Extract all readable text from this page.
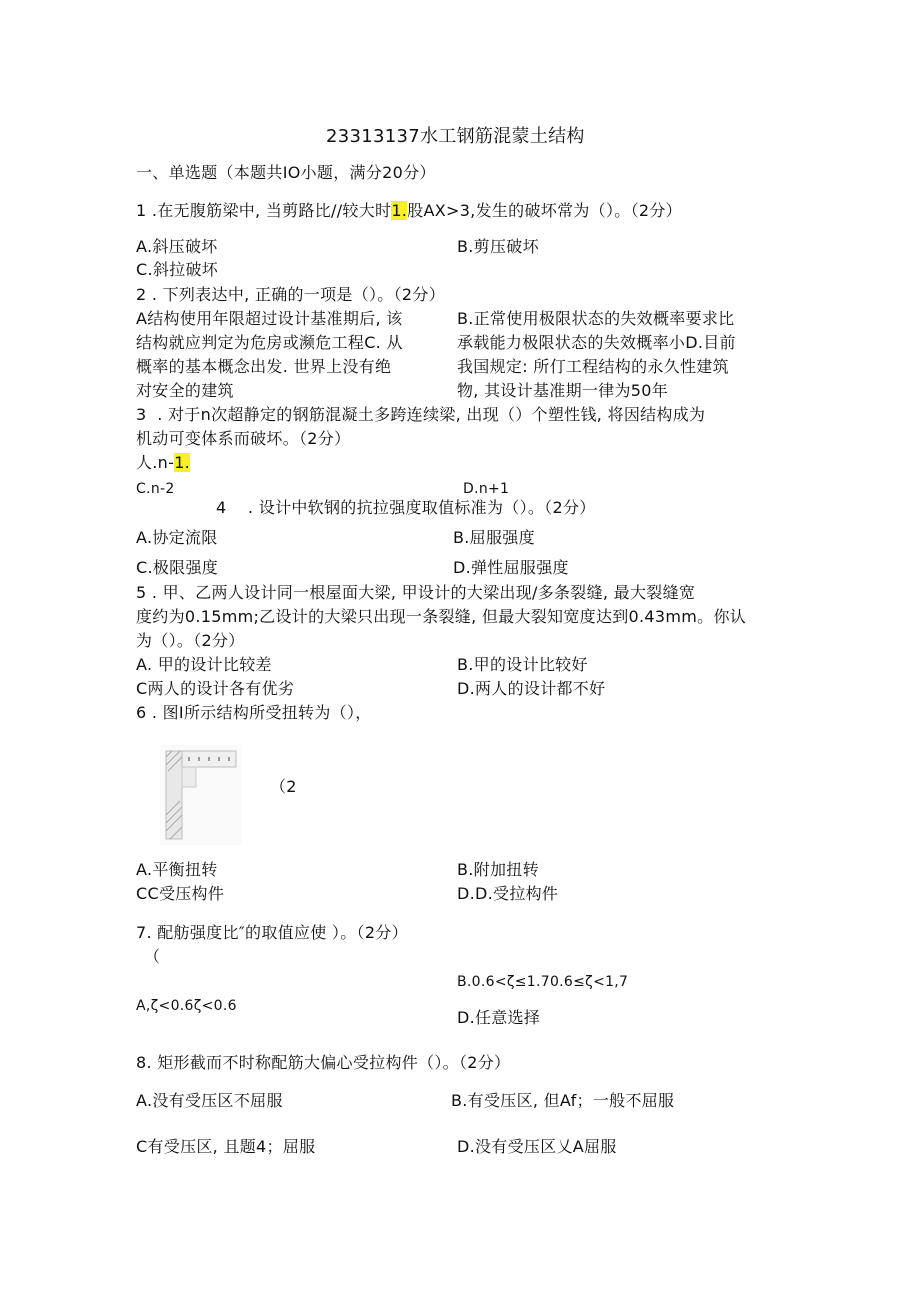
23313137水工钢筋混蒙土结构
一、单选题（本题共IO小题，满分20分）
1 .在无腹筋梁中, 当剪路比//较大时1.股AX>3,发生的破坏常为（）。（2分）
A.斜压破坏	B.剪压破坏
C.斜拉破坏
2 . 下列表达中, 正确的一项是（）。（2分）
A结构使用年限超过设计基准期后, 该
结构就应判定为危房或濒危工程C. 从
概率的基本概念出发. 世界上没有绝
对安全的建筑
B.正常使用极限状态的失效概率要求比
承载能力极限状态的失效概率小D.目前
我国规定: 所仃工程结构的永久性建筑
物, 其设计基准期一律为50年
3 . 对于n次超静定的钢筋混凝土多跨连续梁, 出现（）个塑性钱, 将因结构成为
机动可变体系而破坏。（2分）
人.n-1.
C.n-2	D.n+1
4 . 设计中软钢的抗拉强度取值标准为（）。（2分）
A.协定流限	B.屈服强度
C.极限强度	D.弹性屈服强度
5 . 甲、乙两人设计同一根屋面大梁, 甲设计的大梁出现/多条裂缝, 最大裂缝宽
度约为0.15mm;乙设计的大梁只出现一条裂缝, 但最大裂知宽度达到0.43mm。你认
为（）。（2分）
A. 甲的设计比较差	B.甲的设计比较好
C两人的设计各有优劣	D.两人的设计都不好
6 . 图I所示结构所受扭转为（），
（2
A.平衡扭转	B.附加扭转
CC受压构件	D.D.受拉构件
7. 配舫强度比″的取值应使 ）。（2分）
（
B.0.6<ζ≤1.70.6≤ζ<1,7
A,ζ<0.6ζ<0.6
D.任意选择
8. 矩形截而不时称配筋大偏心受拉构件（）。（2分）
A.没有受压区不屈服	B.有受压区, 但Af；一般不屈服
C有受压区, 且题4；屈服	D.没有受压区乂A屈服
